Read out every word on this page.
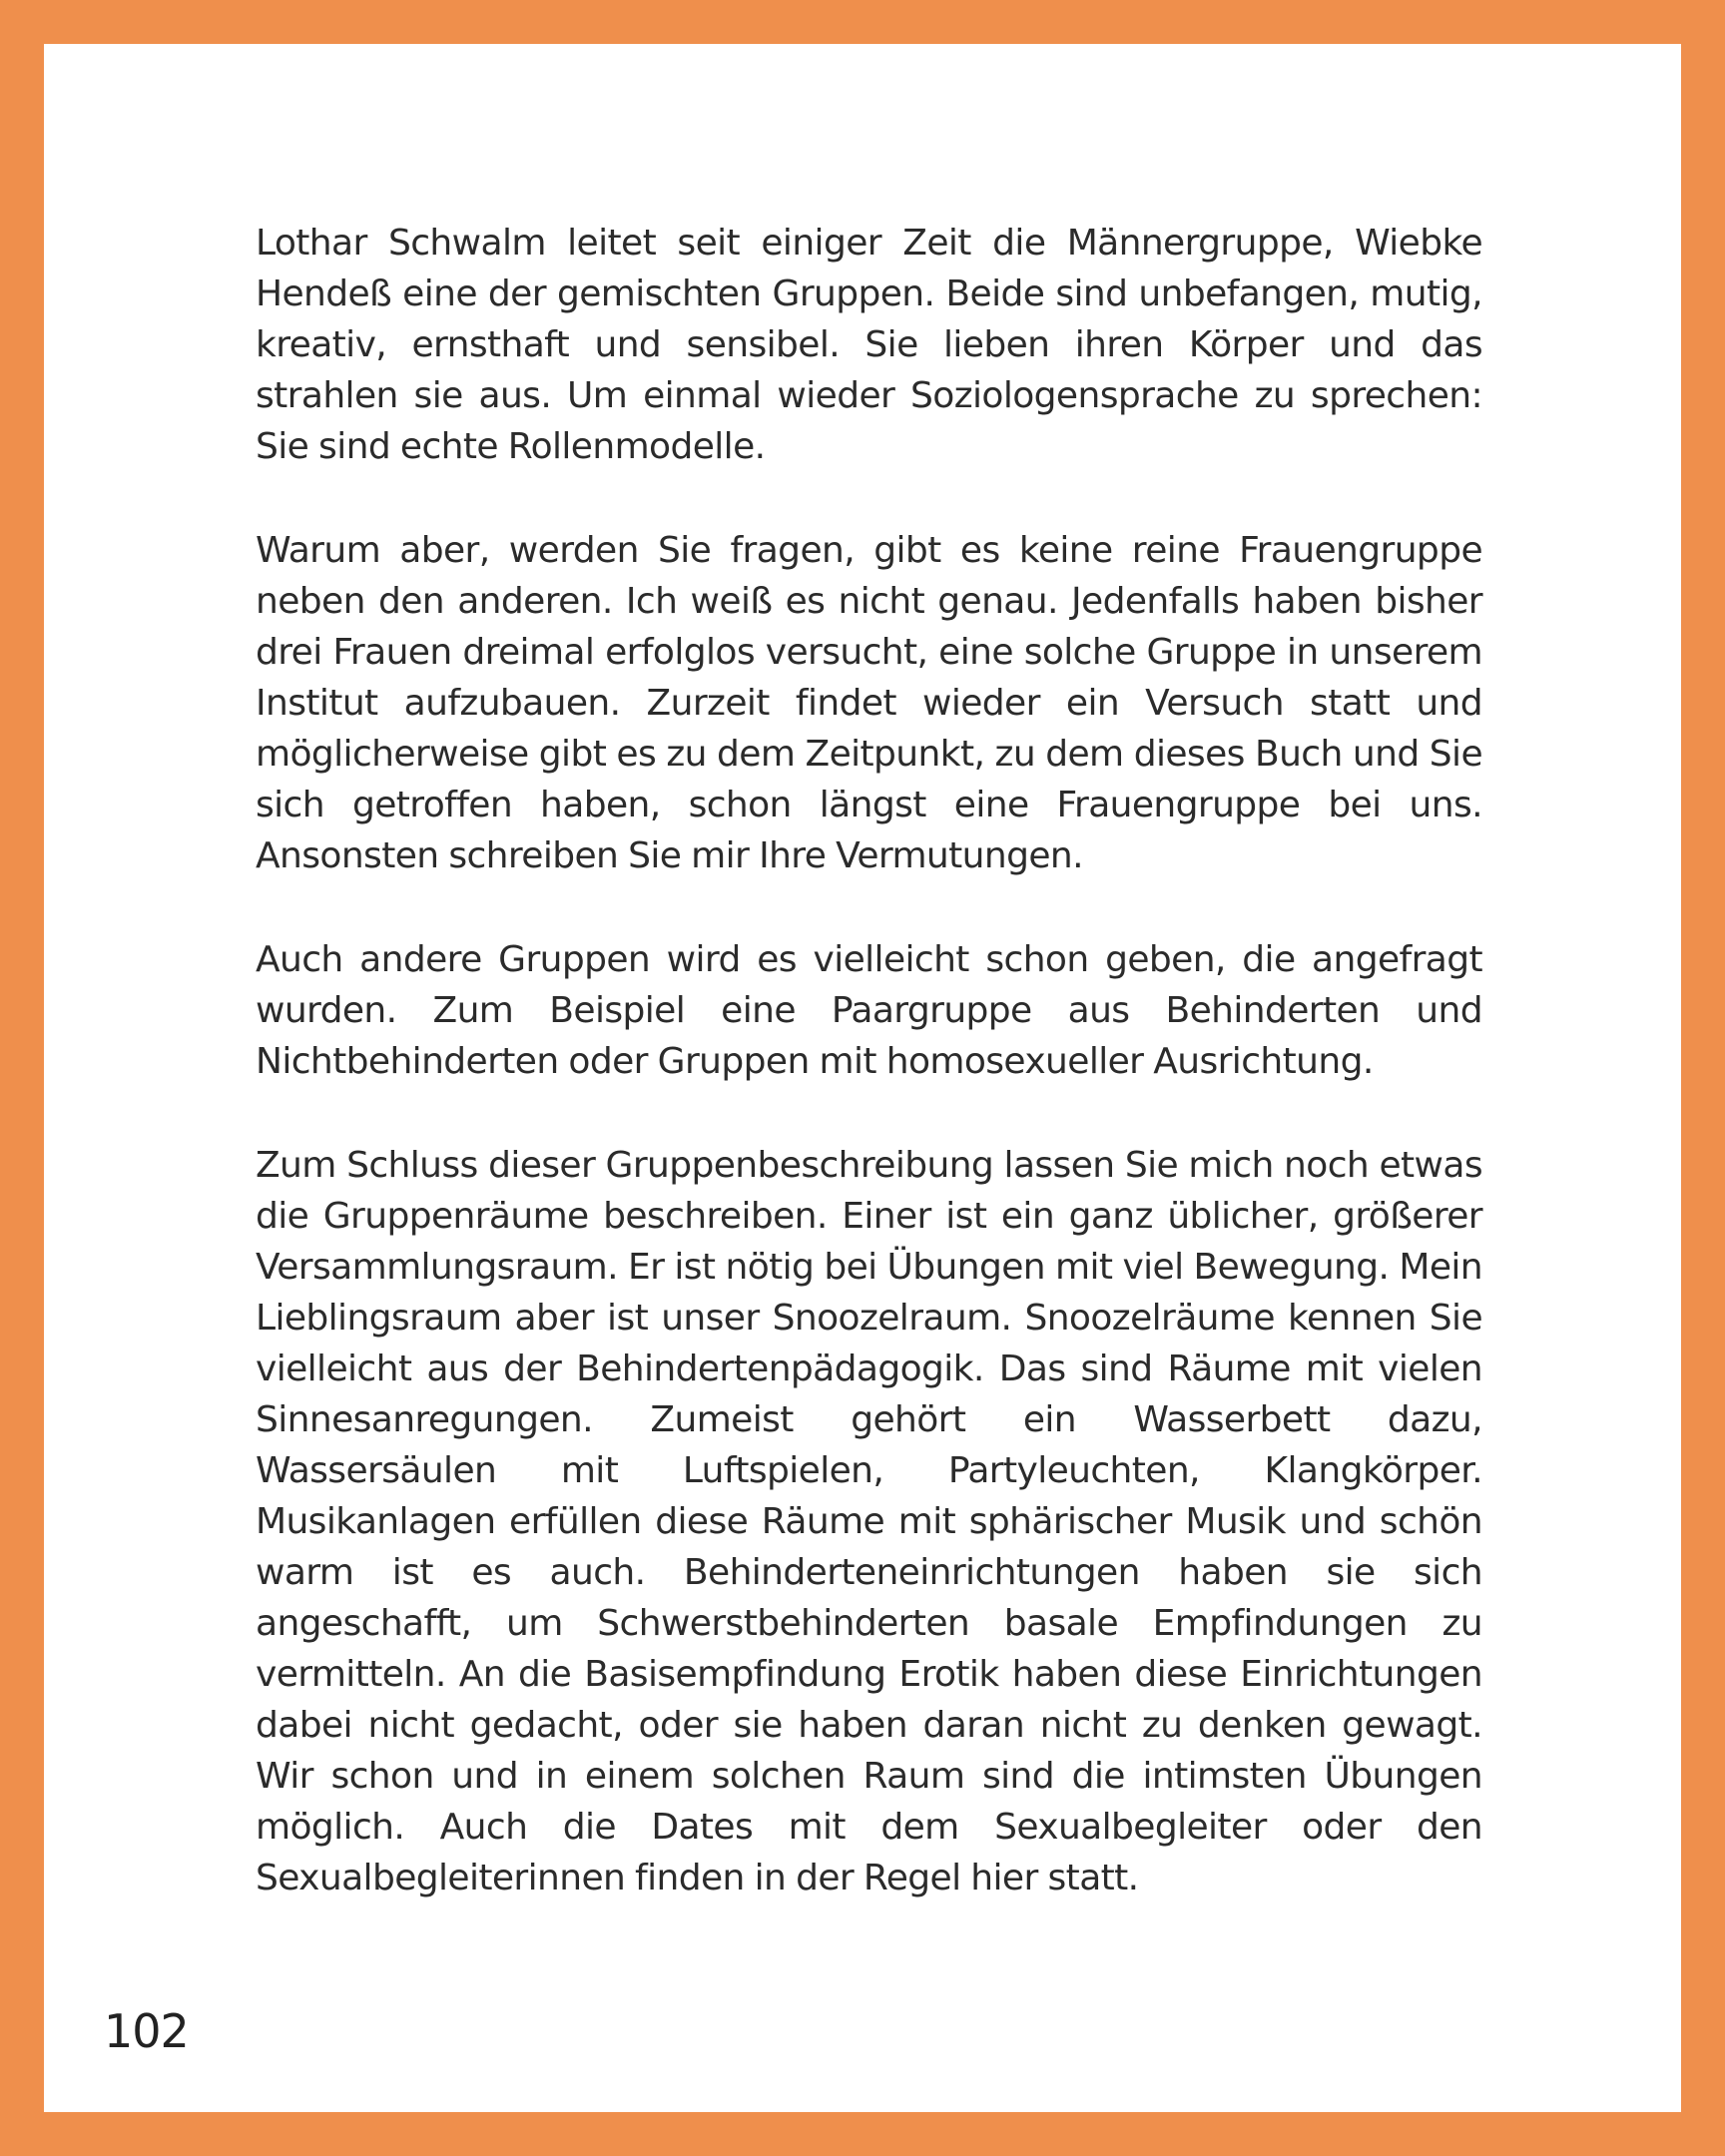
Lothar Schwalm leitet seit einiger Zeit die Männergruppe, Wiebke Hendeß eine der gemischten Gruppen. Beide sind unbefangen, mutig, kreativ, ernsthaft und sensibel. Sie lieben ihren Körper und das strahlen sie aus. Um einmal wieder Soziologensprache zu sprechen: Sie sind echte Rollenmodelle.

Warum aber, werden Sie fragen, gibt es keine reine Frauengruppe neben den anderen. Ich weiß es nicht genau. Jedenfalls haben bisher drei Frauen dreimal erfolglos versucht, eine solche Gruppe in unserem Institut aufzubauen. Zurzeit findet wieder ein Versuch statt und möglicherweise gibt es zu dem Zeitpunkt, zu dem dieses Buch und Sie sich getroffen haben, schon längst eine Frauengruppe bei uns. Ansonsten schreiben Sie mir Ihre Vermutungen.

Auch andere Gruppen wird es vielleicht schon geben, die angefragt wurden. Zum Beispiel eine Paargruppe aus Behinderten und Nichtbehinderten oder Gruppen mit homosexueller Ausrichtung.

Zum Schluss dieser Gruppenbeschreibung lassen Sie mich noch etwas die Gruppenräume beschreiben. Einer ist ein ganz üblicher, größerer Versammlungsraum. Er ist nötig bei Übungen mit viel Bewegung. Mein Lieblingsraum aber ist unser Snoozelraum. Snoozelräume kennen Sie vielleicht aus der Behindertenpädagogik. Das sind Räume mit vielen Sinnesanregungen. Zumeist gehört ein Wasserbett dazu, Wassersäulen mit Luftspielen, Partyleuchten, Klangkörper. Musikanlagen erfüllen diese Räume mit sphärischer Musik und schön warm ist es auch. Behinderteneinrichtungen haben sie sich angeschafft, um Schwerstbehinderten basale Empfindungen zu vermitteln. An die Basisempfindung Erotik haben diese Einrichtungen dabei nicht gedacht, oder sie haben daran nicht zu denken gewagt. Wir schon und in einem solchen Raum sind die intimsten Übungen möglich. Auch die Dates mit dem Sexualbegleiter oder den Sexualbegleiterinnen finden in der Regel hier statt.

102
